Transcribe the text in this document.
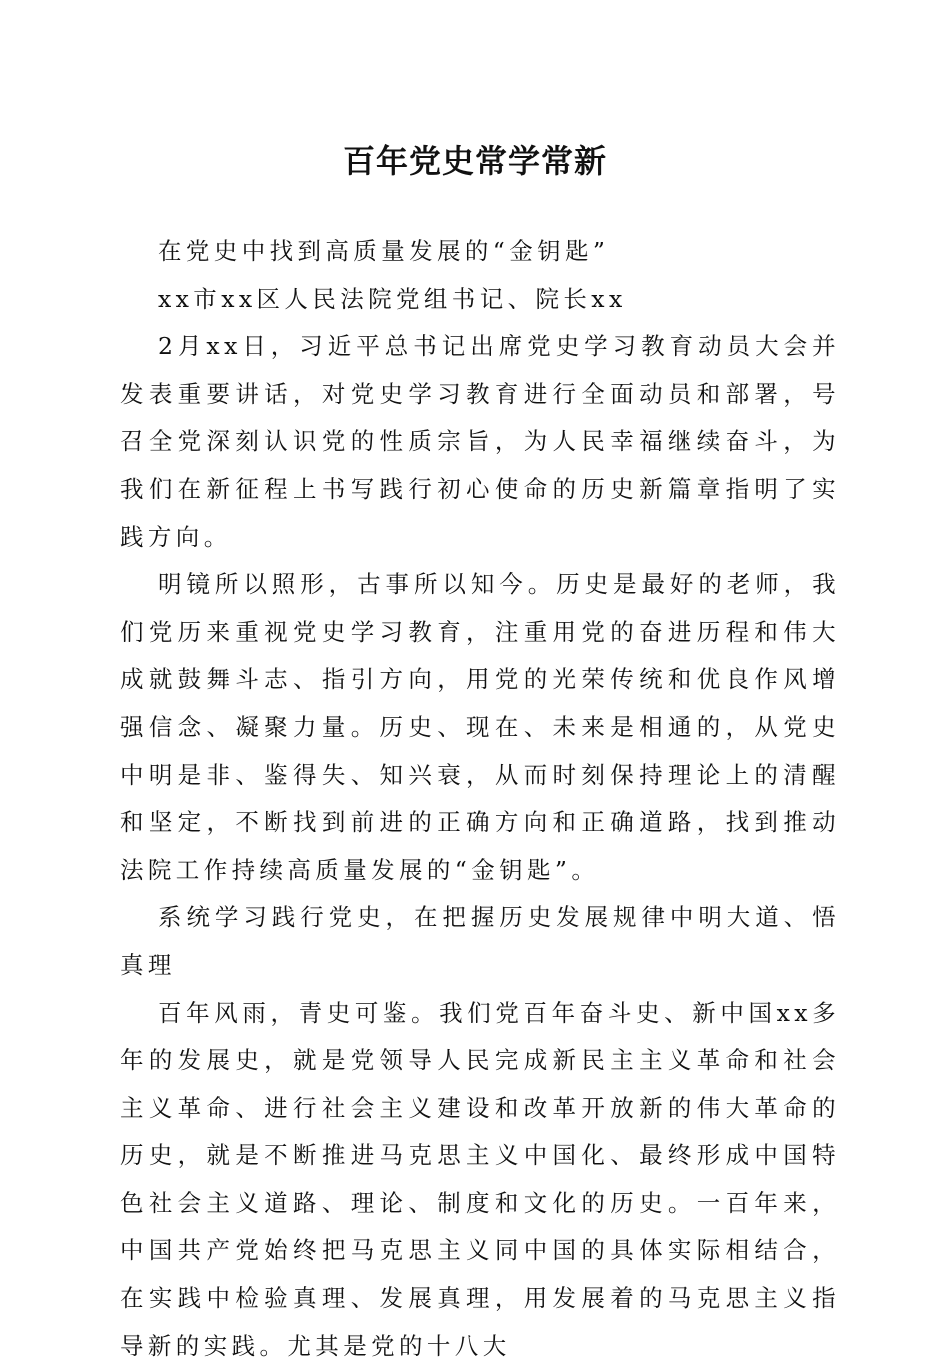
百年党史常学常新

在党史中找到高质量发展的“金钥匙”

xx市xx区人民法院党组书记、院长xx

2月xx日，习近平总书记出席党史学习教育动员大会并发表重要讲话，对党史学习教育进行全面动员和部署，号召全党深刻认识党的性质宗旨，为人民幸福继续奋斗，为我们在新征程上书写践行初心使命的历史新篇章指明了实践方向。

明镜所以照形，古事所以知今。历史是最好的老师，我们党历来重视党史学习教育，注重用党的奋进历程和伟大成就鼓舞斗志、指引方向，用党的光荣传统和优良作风增强信念、凝聚力量。历史、现在、未来是相通的，从党史中明是非、鉴得失、知兴衰，从而时刻保持理论上的清醒和坚定，不断找到前进的正确方向和正确道路，找到推动法院工作持续高质量发展的“金钥匙”。

系统学习践行党史，在把握历史发展规律中明大道、悟真理

百年风雨，青史可鉴。我们党百年奋斗史、新中国xx多年的发展史，就是党领导人民完成新民主主义革命和社会主义革命、进行社会主义建设和改革开放新的伟大革命的历史，就是不断推进马克思主义中国化、最终形成中国特色社会主义道路、理论、制度和文化的历史。一百年来，中国共产党始终把马克思主义同中国的具体实际相结合，在实践中检验真理、发展真理，用发展着的马克思主义指导新的实践。尤其是党的十八大
